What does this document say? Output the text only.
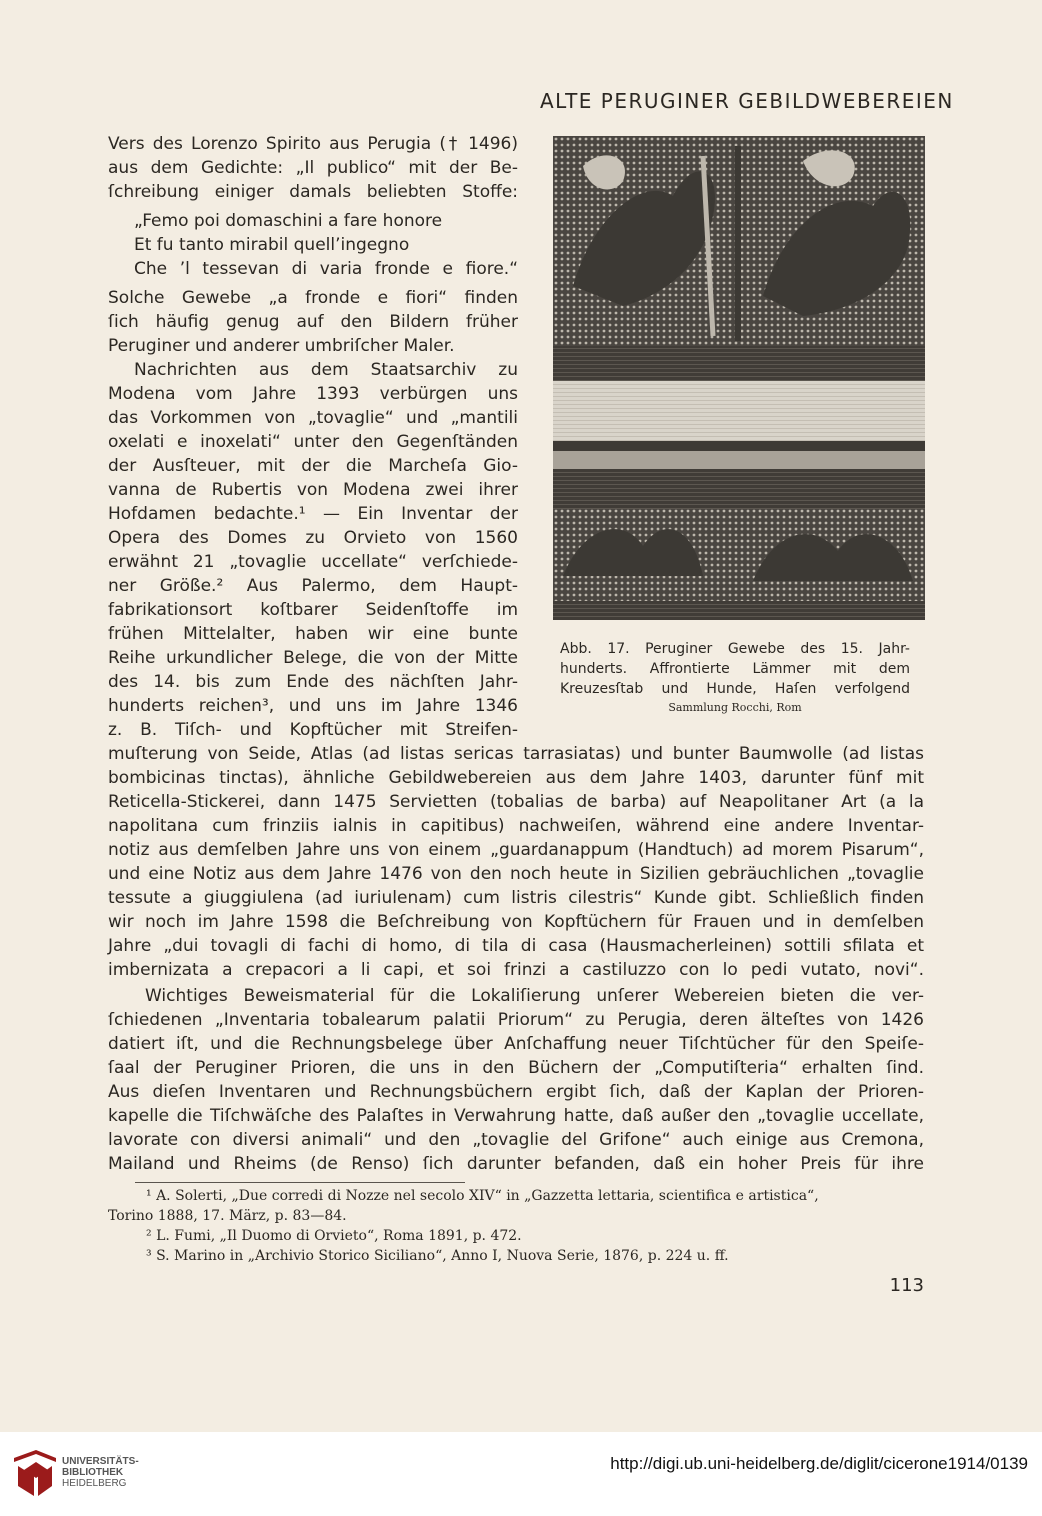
ALTE PERUGINER GEBILDWEBEREIEN
Vers des Lorenzo Spirito aus Perugia († 1496)
aus dem Gedichte: „Il publico“ mit der Be-
ſchreibung einiger damals beliebten Stoffe:
„Femo poi domaschini a fare honore
Et fu tanto mirabil quell’ingegno
Che ’l tessevan di varia fronde e fiore.“
Solche Gewebe „a fronde e fiori“ finden
ſich häufig genug auf den Bildern früher
Peruginer und anderer umbriſcher Maler.
Nachrichten aus dem Staatsarchiv zu
Modena vom Jahre 1393 verbürgen uns
das Vorkommen von „tovaglie“ und „mantili
oxelati e inoxelati“ unter den Gegenſtänden
der Ausſteuer, mit der die Marcheſa Gio-
vanna de Rubertis von Modena zwei ihrer
Hofdamen bedachte.¹ — Ein Inventar der
Opera des Domes zu Orvieto von 1560
erwähnt 21 „tovaglie uccellate“ verſchiede-
ner Größe.² Aus Palermo, dem Haupt-
fabrikationsort koſtbarer Seidenſtoffe im
frühen Mittelalter, haben wir eine bunte
Reihe urkundlicher Belege, die von der Mitte
des 14. bis zum Ende des nächſten Jahr-
hunderts reichen³, und uns im Jahre 1346
z. B. Tiſch- und Kopftücher mit Streifen-
muſterung von Seide, Atlas (ad listas sericas tarrasiatas) und bunter Baumwolle (ad listas
bombicinas tinctas), ähnliche Gebildwebereien aus dem Jahre 1403, darunter fünf mit
Reticella-Stickerei, dann 1475 Servietten (tobalias de barba) auf Neapolitaner Art (a la
napolitana cum frinziis ialnis in capitibus) nachweiſen, während eine andere Inventar-
notiz aus demſelben Jahre uns von einem „guardanappum (Handtuch) ad morem Pisarum“,
und eine Notiz aus dem Jahre 1476 von den noch heute in Sizilien gebräuchlichen „tovaglie
tessute a giuggiulena (ad iuriulenam) cum listris cilestris“ Kunde gibt. Schließlich finden
wir noch im Jahre 1598 die Beſchreibung von Kopftüchern für Frauen und in demſelben
Jahre „dui tovagli di fachi di homo, di tila di casa (Hausmacherleinen) sottili sfilata et
imbernizata a crepacori a li capi, et soi frinzi a castiluzzo con lo pedi vutato, novi“.
Wichtiges Beweismaterial für die Lokaliſierung unſerer Webereien bieten die ver-
ſchiedenen „Inventaria tobalearum palatii Priorum“ zu Perugia, deren älteſtes von 1426
datiert iſt, und die Rechnungsbelege über Anſchaffung neuer Tiſchtücher für den Speiſe-
ſaal der Peruginer Prioren, die uns in den Büchern der „Computiſteria“ erhalten ſind.
Aus dieſen Inventaren und Rechnungsbüchern ergibt ſich, daß der Kaplan der Prioren-
kapelle die Tiſchwäſche des Palaſtes in Verwahrung hatte, daß außer den „tovaglie uccellate,
lavorate con diversi animali“ und den „tovaglie del Grifone“ auch einige aus Cremona,
Mailand und Rheims (de Renso) ſich darunter befanden, daß ein hoher Preis für ihre
Abb. 17. Peruginer Gewebe des 15. Jahr-
hunderts. Affrontierte Lämmer mit dem
Kreuzesſtab und Hunde, Haſen verfolgend
Sammlung Rocchi, Rom
¹ A. Solerti, „Due corredi di Nozze nel secolo XIV“ in „Gazzetta lettaria, scientifica e artistica“,
Torino 1888, 17. März, p. 83—84.
² L. Fumi, „Il Duomo di Orvieto“, Roma 1891, p. 472.
³ S. Marino in „Archivio Storico Siciliano“, Anno I, Nuova Serie, 1876, p. 224 u. ff.
113
UNIVERSITÄTS-
BIBLIOTHEK
HEIDELBERG
http://digi.ub.uni-heidelberg.de/diglit/cicerone1914/0139
